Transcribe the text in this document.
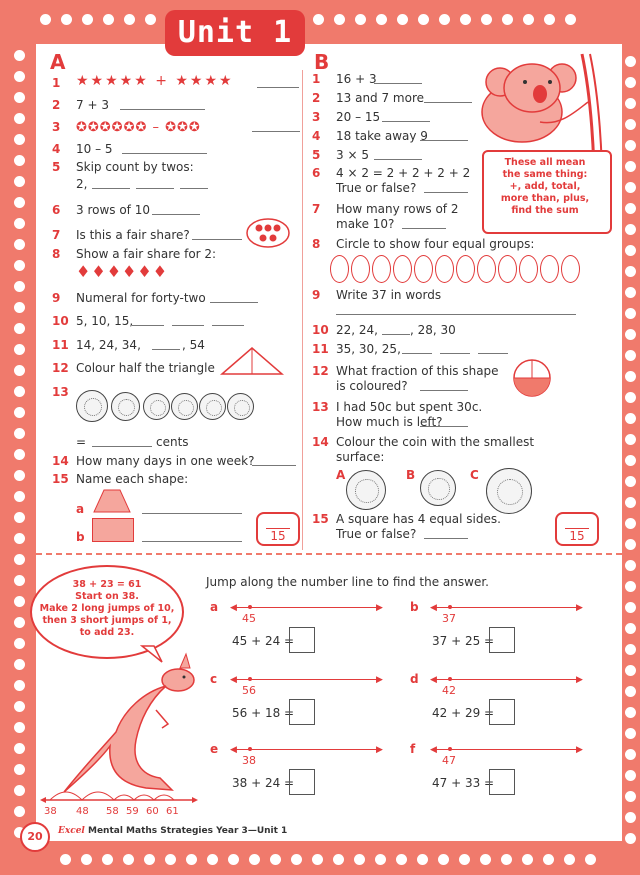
Unit 1
A
1 ★★★★★ + ★★★★
2 7 + 3
3 ✪✪✪✪✪✪ – ✪✪✪
4 10 – 5
5 Skip count by twos:
2,
6 3 rows of 10
7 Is this a fair share?
8 Show a fair share for 2:
♦♦♦♦♦♦
9 Numeral for forty-two
10 5, 10, 15,
11 14, 24, 34,	, 54
12 Colour half the triangle
13
=	cents
14 How many days in one week?
15 Name each shape:
a
b	15
B
1 16 + 3
2 13 and 7 more
3 20 – 15
4 18 take away 9
5 3 × 5
6 4 × 2 = 2 + 2 + 2 + 2
True or false?
7 How many rows of 2
make 10?
8 Circle to show four equal groups:
9 Write 37 in words
10 22, 24,	, 28, 30
11 35, 30, 25,
12 What fraction of this shape
is coloured?
13 I had 50c but spent 30c.
How much is left?
14 Colour the coin with the smallest
surface:
A	B	C
15 A square has 4 equal sides.
True or false?	15
These all mean
the same thing:
+, add, total,
more than, plus,
find the sum
Jump along the number line to find the answer.
38 + 23 = 61
Start on 38.
Make 2 long jumps of 10,
then 3 short jumps of 1,
to add 23.
38 48 58 59 60 61
a ◀	▶
45
45 + 24 =
b ◀	▶
37
37 + 25 =
c ◀	▶
56
56 + 18 =
d ◀	▶
42
42 + 29 =
e ◀	▶
38
38 + 24 =
f ◀	▶
47
47 + 33 =
20	Excel Mental Maths Strategies Year 3—Unit 1
